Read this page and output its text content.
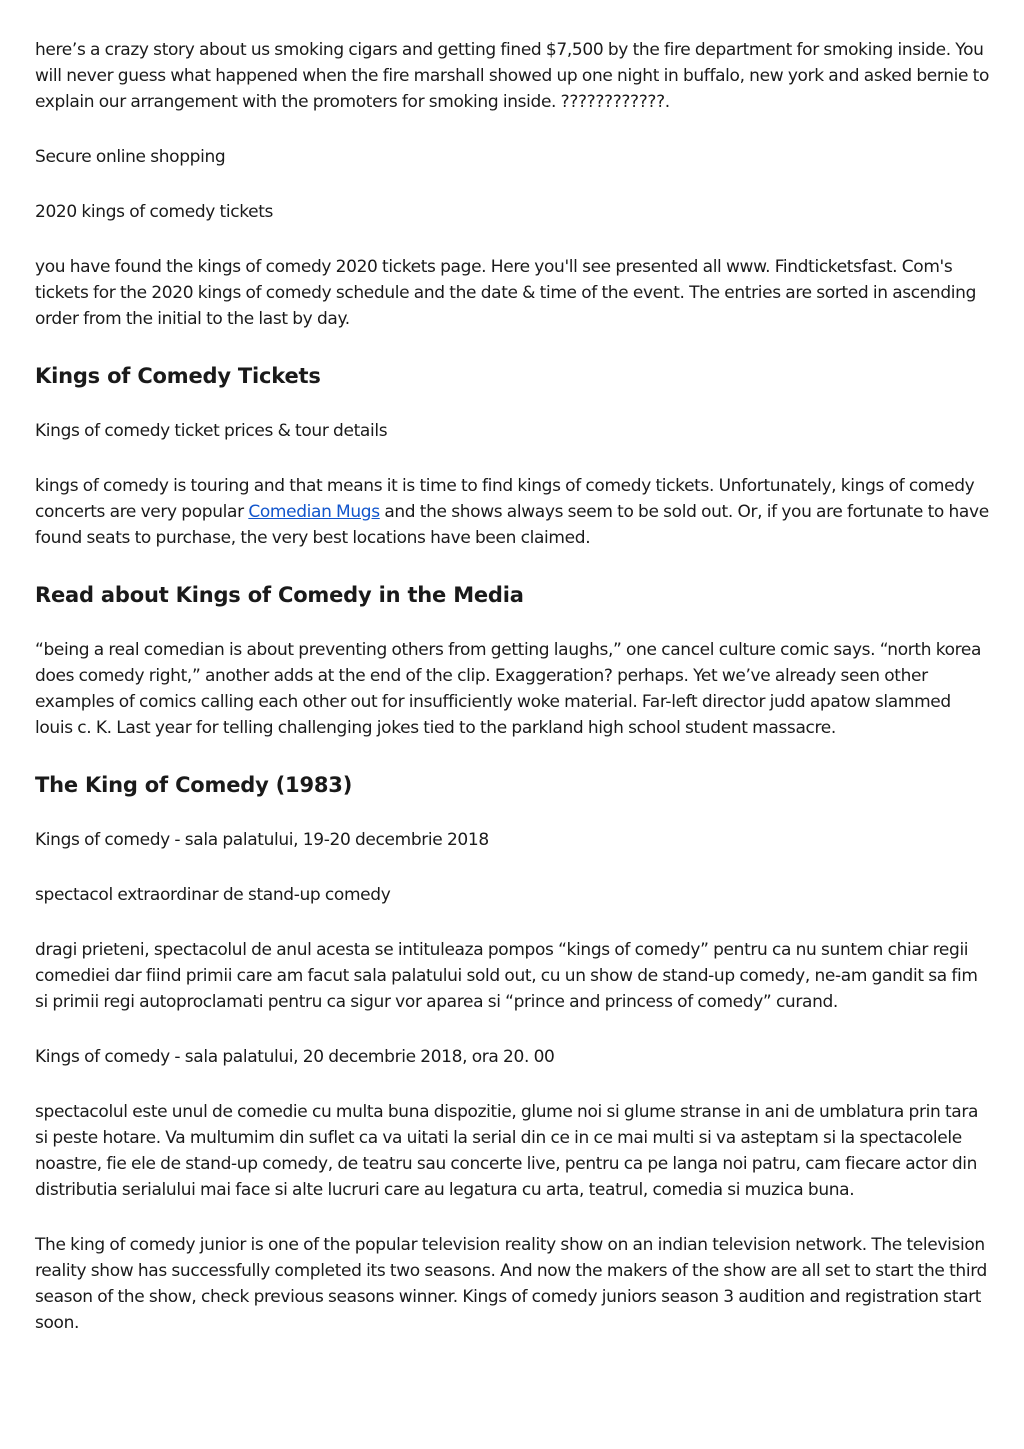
here’s a crazy story about us smoking cigars and getting fined $7,500 by the fire department for smoking inside. You will never guess what happened when the fire marshall showed up one night in buffalo, new york and asked bernie to explain our arrangement with the promoters for smoking inside. ????????????.

Secure online shopping

2020 kings of comedy tickets

you have found the kings of comedy 2020 tickets page. Here you'll see presented all www. Findticketsfast. Com's tickets for the 2020 kings of comedy schedule and the date & time of the event. The entries are sorted in ascending order from the initial to the last by day.

Kings of Comedy Tickets

Kings of comedy ticket prices & tour details

kings of comedy is touring and that means it is time to find kings of comedy tickets. Unfortunately, kings of comedy concerts are very popular Comedian Mugs and the shows always seem to be sold out. Or, if you are fortunate to have found seats to purchase, the very best locations have been claimed.

Read about Kings of Comedy in the Media

“being a real comedian is about preventing others from getting laughs,” one cancel culture comic says. “north korea does comedy right,” another adds at the end of the clip. Exaggeration? perhaps. Yet we’ve already seen other examples of comics calling each other out for insufficiently woke material. Far-left director judd apatow slammed louis c. K. Last year for telling challenging jokes tied to the parkland high school student massacre.

The King of Comedy (1983)

Kings of comedy - sala palatului, 19-20 decembrie 2018

spectacol extraordinar de stand-up comedy

dragi prieteni, spectacolul de anul acesta se intituleaza pompos “kings of comedy” pentru ca nu suntem chiar regii comediei dar fiind primii care am facut sala palatului sold out, cu un show de stand-up comedy, ne-am gandit sa fim si primii regi autoproclamati pentru ca sigur vor aparea si “prince and princess of comedy” curand.

Kings of comedy - sala palatului, 20 decembrie 2018, ora 20. 00

spectacolul este unul de comedie cu multa buna dispozitie, glume noi si glume stranse in ani de umblatura prin tara si peste hotare. Va multumim din suflet ca va uitati la serial din ce in ce mai multi si va asteptam si la spectacolele noastre, fie ele de stand-up comedy, de teatru sau concerte live, pentru ca pe langa noi patru, cam fiecare actor din distributia serialului mai face si alte lucruri care au legatura cu arta, teatrul, comedia si muzica buna.

The king of comedy junior is one of the popular television reality show on an indian television network. The television reality show has successfully completed its two seasons. And now the makers of the show are all set to start the third season of the show, check previous seasons winner. Kings of comedy juniors season 3 audition and registration start soon.
